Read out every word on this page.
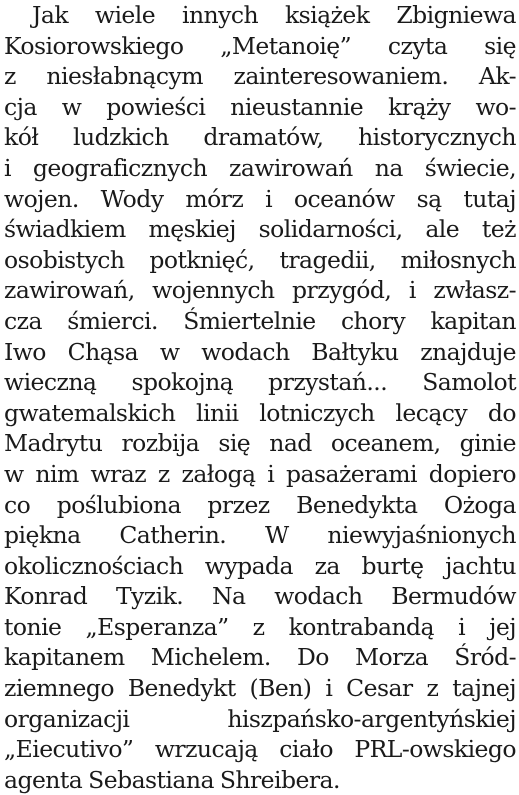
Jak wiele innych książek Zbigniewa
Kosiorowskiego „Metanoię” czyta się
z niesłabnącym zainteresowaniem. Ak-
cja w powieści nieustannie krąży wo-
kół ludzkich dramatów, historycznych
i geograficznych zawirowań na świecie,
wojen. Wody mórz i oceanów są tutaj
świadkiem męskiej solidarności, ale też
osobistych potknięć, tragedii, miłosnych
zawirowań, wojennych przygód, i zwłasz-
cza śmierci. Śmiertelnie chory kapitan
Iwo Chąsa w wodach Bałtyku znajduje
wieczną spokojną przystań... Samolot
gwatemalskich linii lotniczych lecący do
Madrytu rozbija się nad oceanem, ginie
w nim wraz z załogą i pasażerami dopiero
co poślubiona przez Benedykta Ożoga
piękna Catherin. W niewyjaśnionych
okolicznościach wypada za burtę jachtu
Konrad Tyzik. Na wodach Bermudów
tonie „Esperanza” z kontrabandą i jej
kapitanem Michelem. Do Morza Śród-
ziemnego Benedykt (Ben) i Cesar z tajnej
organizacji hiszpańsko-argentyńskiej
„Eiecutivo” wrzucają ciało PRL-owskiego
agenta Sebastiana Shreibera.
